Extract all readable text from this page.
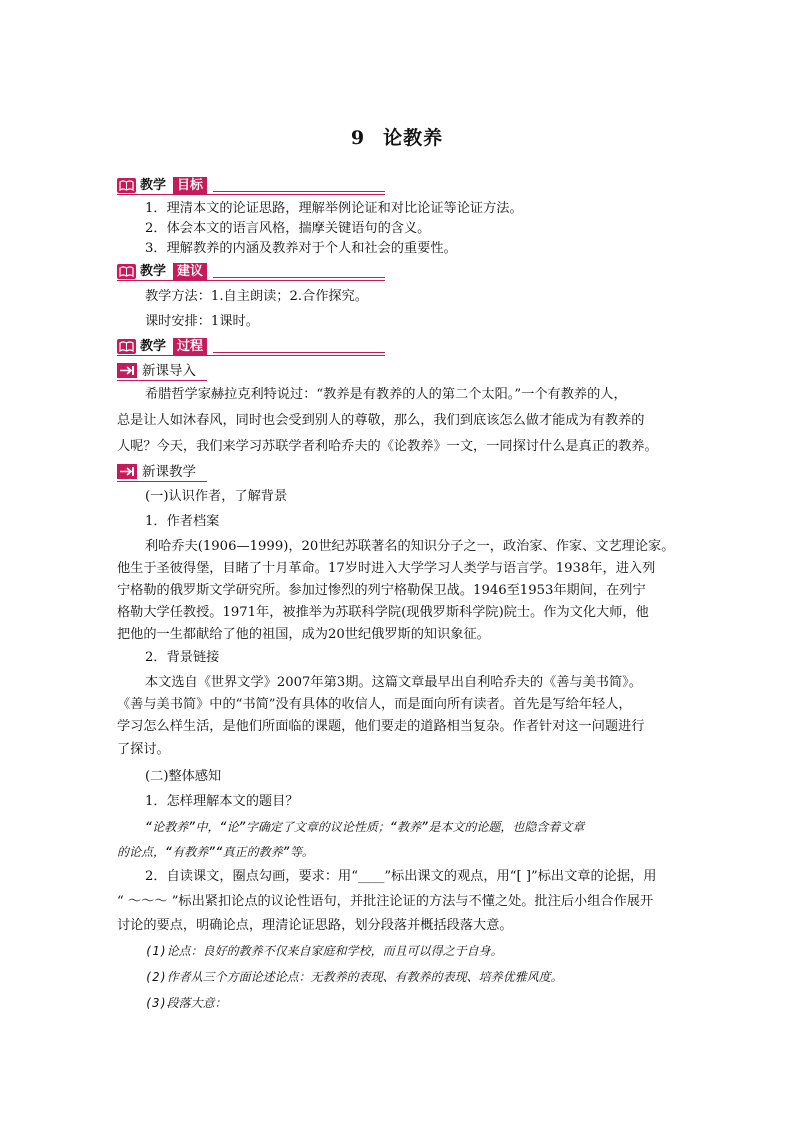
9 论教养
教学 目标
1．理清本文的论证思路，理解举例论证和对比论证等论证方法。
2．体会本文的语言风格，揣摩关键语句的含义。
3．理解教养的内涵及教养对于个人和社会的重要性。
教学 建议
教学方法：1.自主朗读；2.合作探究。
课时安排：1课时。
教学 过程
新课导入
希腊哲学家赫拉克利特说过：“教养是有教养的人的第二个太阳。”一个有教养的人，
总是让人如沐春风，同时也会受到别人的尊敬，那么，我们到底该怎么做才能成为有教养的
人呢？今天，我们来学习苏联学者利哈乔夫的《论教养》一文，一同探讨什么是真正的教养。
新课教学
(一)认识作者，了解背景
1．作者档案
利哈乔夫(1906—1999)，20世纪苏联著名的知识分子之一，政治家、作家、文艺理论家。
他生于圣彼得堡，目睹了十月革命。17岁时进入大学学习人类学与语言学。1938年，进入列
宁格勒的俄罗斯文学研究所。参加过惨烈的列宁格勒保卫战。1946至1953年期间，在列宁
格勒大学任教授。1971年，被推举为苏联科学院(现俄罗斯科学院)院士。作为文化大师，他
把他的一生都献给了他的祖国，成为20世纪俄罗斯的知识象征。
2．背景链接
本文选自《世界文学》2007年第3期。这篇文章最早出自利哈乔夫的《善与美书简》。
《善与美书简》中的“书简”没有具体的收信人，而是面向所有读者。首先是写给年轻人，
学习怎么样生活，是他们所面临的课题，他们要走的道路相当复杂。作者针对这一问题进行
了探讨。
(二)整体感知
1．怎样理解本文的题目？
“论教养”中，“论”字确定了文章的议论性质；“教养”是本文的论题，也隐含着文章
的论点，“有教养”“真正的教养”等。
2．自读课文，圈点勾画，要求：用“____”标出课文的观点，用“[ ]”标出文章的论据，用
“ ～～～ ”标出紧扣论点的议论性语句，并批注论证的方法与不懂之处。批注后小组合作展开
讨论的要点，明确论点，理清论证思路，划分段落并概括段落大意。
(1)论点：良好的教养不仅来自家庭和学校，而且可以得之于自身。
(2)作者从三个方面论述论点：无教养的表现、有教养的表现、培养优雅风度。
(3)段落大意：
